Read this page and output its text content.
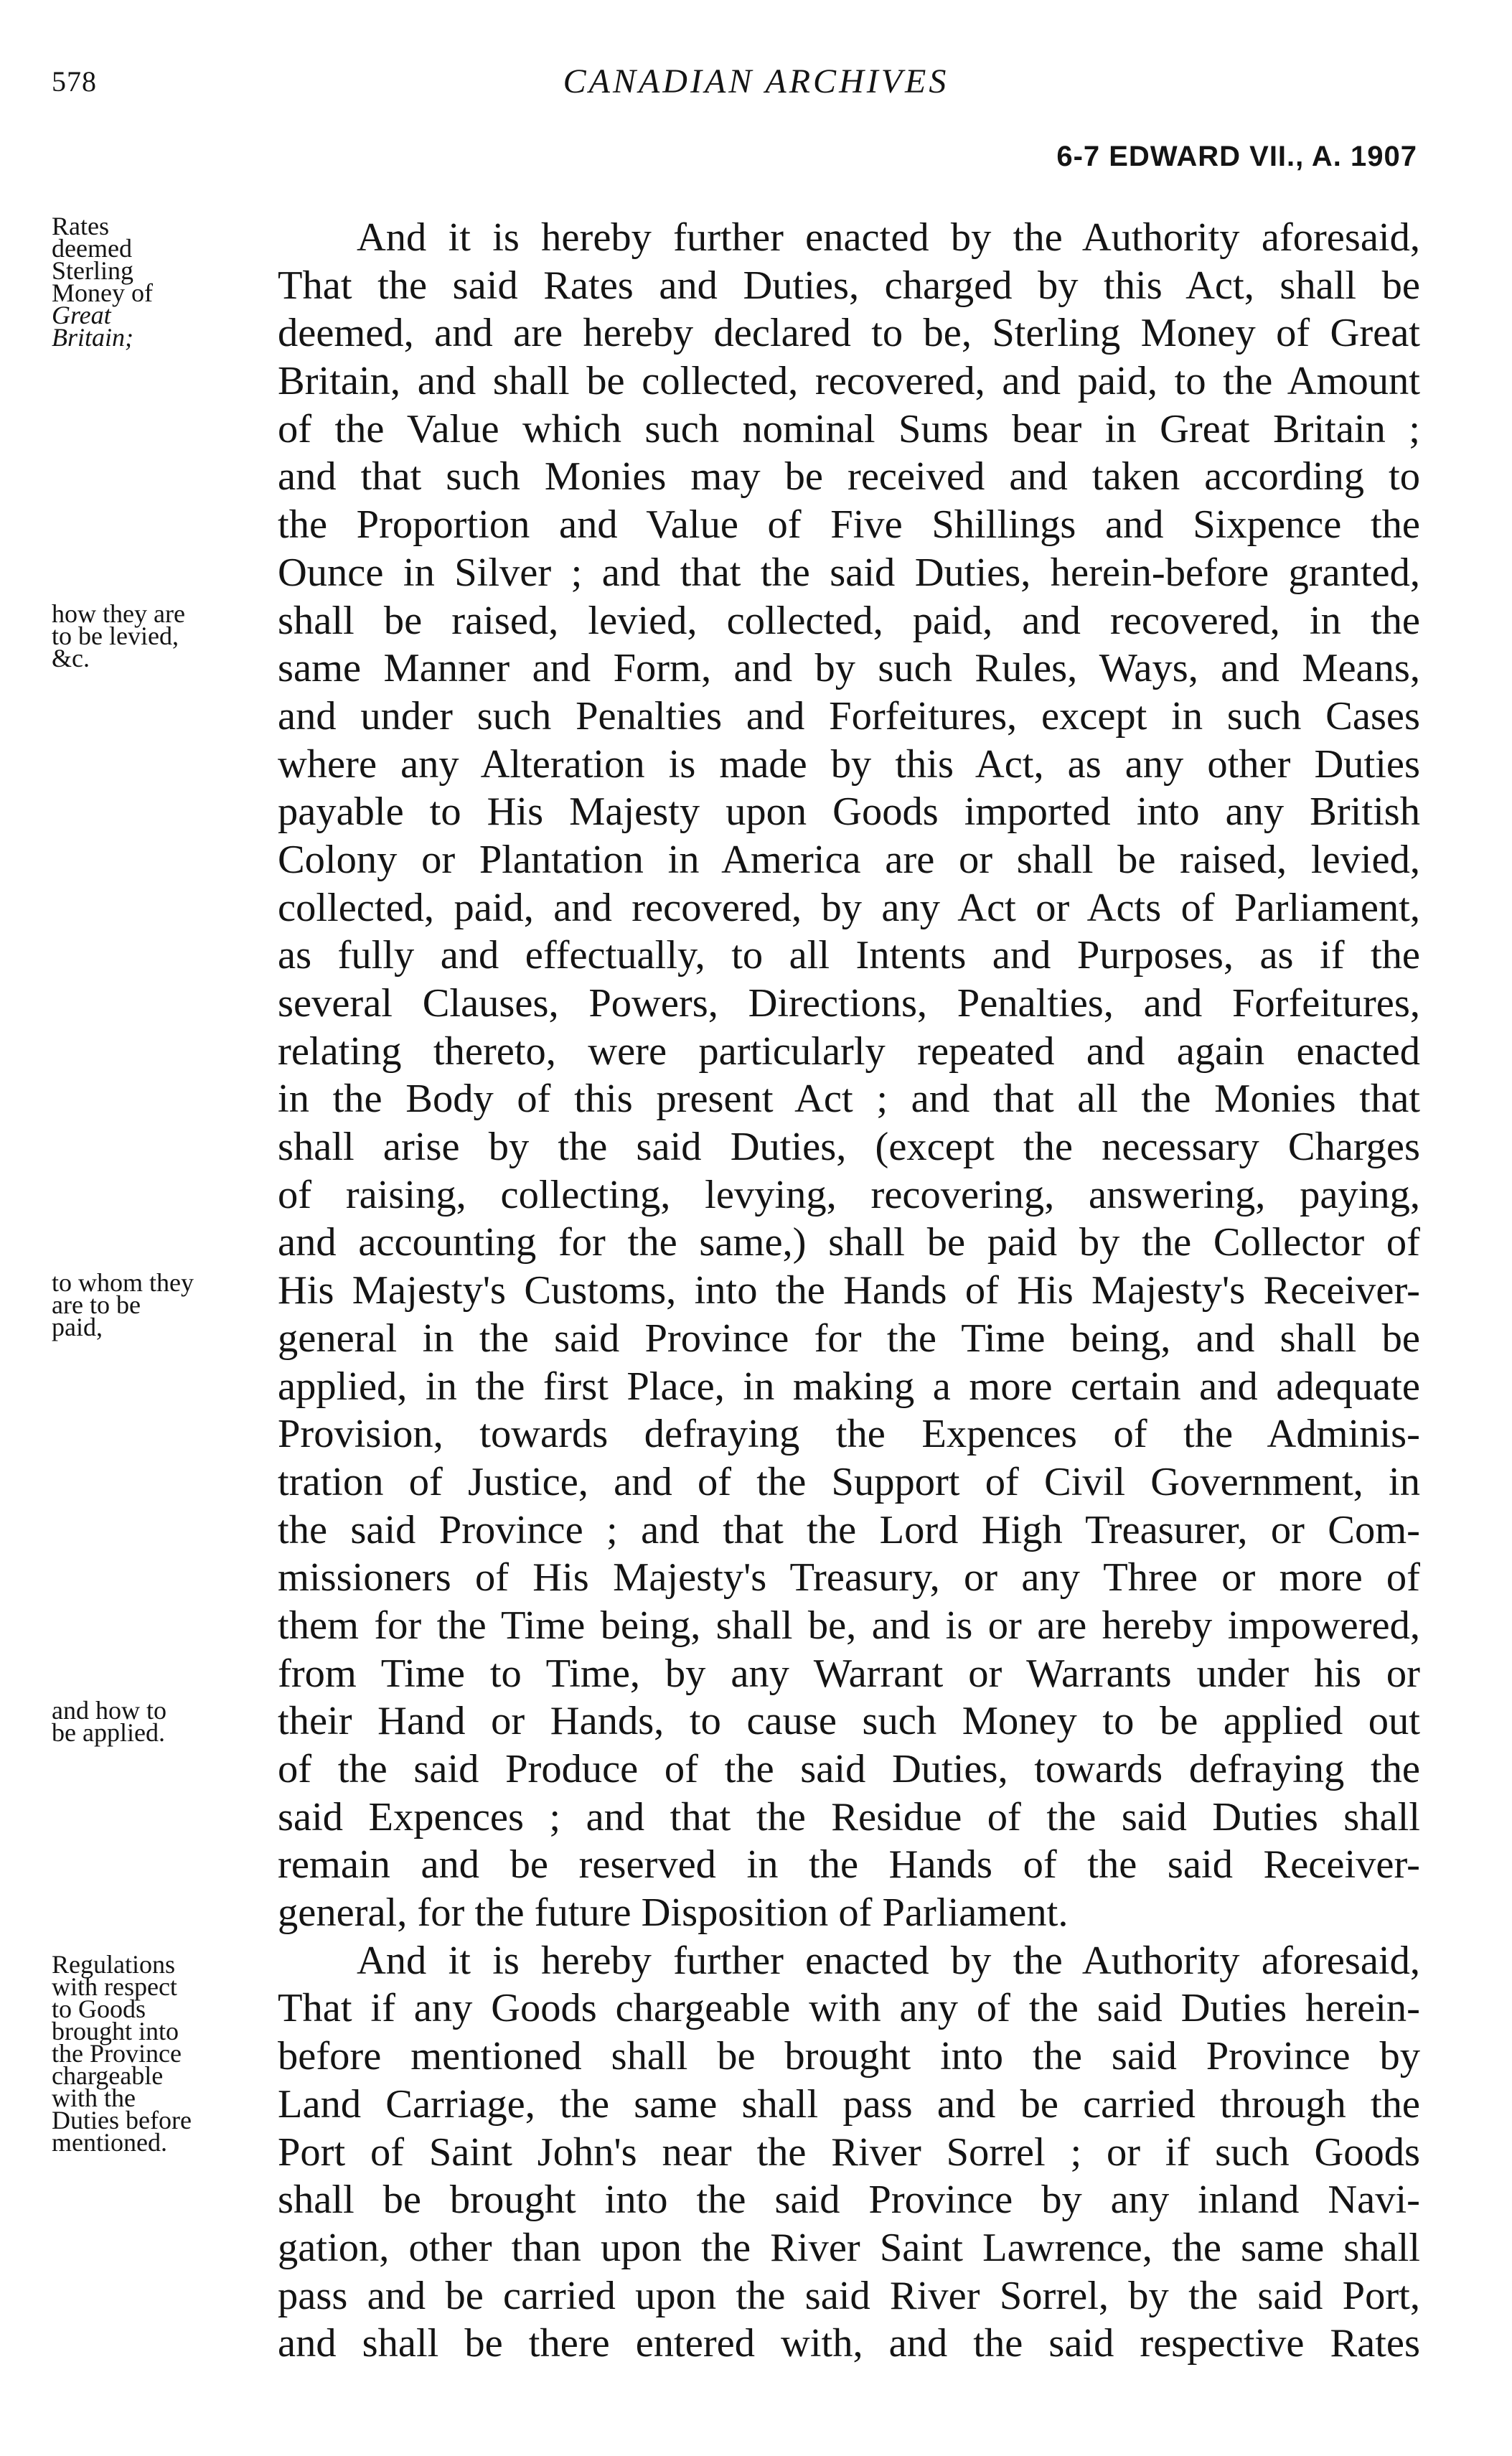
578	CANADIAN ARCHIVES
6-7 EDWARD VII., A. 1907
Rates
deemed
Sterling
Money of
Great
Britain;
how they are
to be levied,
&c.
to whom they
are to be
paid,
and how to
be applied.
Regulations
with respect
to Goods
brought into
the Province
chargeable
with the
Duties before
mentioned.
And it is hereby further enacted by the Authority aforesaid,
That the said Rates and Duties, charged by this Act, shall be
deemed, and are hereby declared to be, Sterling Money of Great
Britain, and shall be collected, recovered, and paid, to the Amount
of the Value which such nominal Sums bear in Great Britain ;
and that such Monies may be received and taken according to
the Proportion and Value of Five Shillings and Sixpence the
Ounce in Silver ; and that the said Duties, herein-before granted,
shall be raised, levied, collected, paid, and recovered, in the
same Manner and Form, and by such Rules, Ways, and Means,
and under such Penalties and Forfeitures, except in such Cases
where any Alteration is made by this Act, as any other Duties
payable to His Majesty upon Goods imported into any British
Colony or Plantation in America are or shall be raised, levied,
collected, paid, and recovered, by any Act or Acts of Parliament,
as fully and effectually, to all Intents and Purposes, as if the
several Clauses, Powers, Directions, Penalties, and Forfeitures,
relating thereto, were particularly repeated and again enacted
in the Body of this present Act ; and that all the Monies that
shall arise by the said Duties, (except the necessary Charges
of raising, collecting, levying, recovering, answering, paying,
and accounting for the same,) shall be paid by the Collector of
His Majesty's Customs, into the Hands of His Majesty's Receiver-
general in the said Province for the Time being, and shall be
applied, in the first Place, in making a more certain and adequate
Provision, towards defraying the Expences of the Adminis-
tration of Justice, and of the Support of Civil Government, in
the said Province ; and that the Lord High Treasurer, or Com-
missioners of His Majesty's Treasury, or any Three or more of
them for the Time being, shall be, and is or are hereby impowered,
from Time to Time, by any Warrant or Warrants under his or
their Hand or Hands, to cause such Money to be applied out
of the said Produce of the said Duties, towards defraying the
said Expences ; and that the Residue of the said Duties shall
remain and be reserved in the Hands of the said Receiver-
general, for the future Disposition of Parliament.
And it is hereby further enacted by the Authority aforesaid,
That if any Goods chargeable with any of the said Duties herein-
before mentioned shall be brought into the said Province by
Land Carriage, the same shall pass and be carried through the
Port of Saint John's near the River Sorrel ; or if such Goods
shall be brought into the said Province by any inland Navi-
gation, other than upon the River Saint Lawrence, the same shall
pass and be carried upon the said River Sorrel, by the said Port,
and shall be there entered with, and the said respective Rates
